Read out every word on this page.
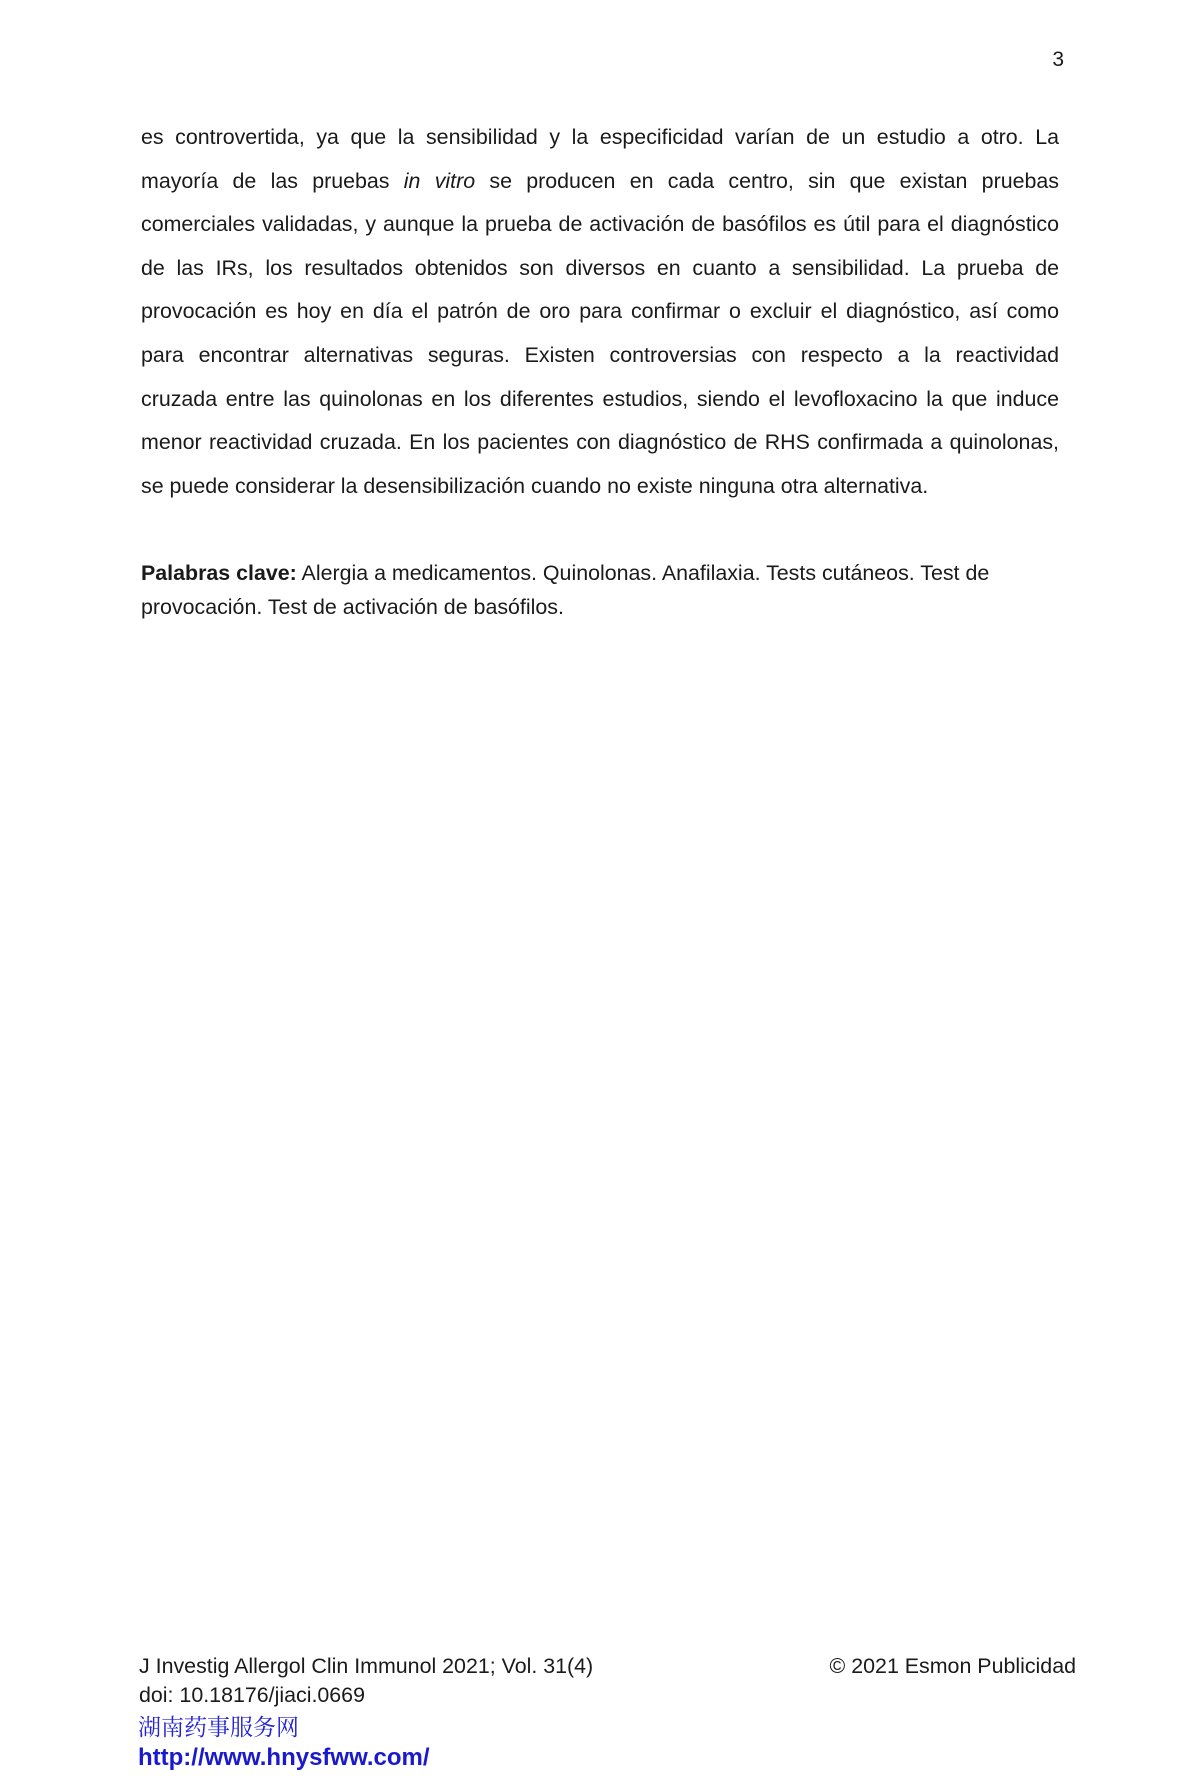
3

es controvertida, ya que la sensibilidad y la especificidad varían de un estudio a otro. La
mayoría de las pruebas in vitro se producen en cada centro, sin que existan pruebas
comerciales validadas, y aunque la prueba de activación de basófilos es útil para el diagnóstico
de las IRs, los resultados obtenidos son diversos en cuanto a sensibilidad. La prueba de
provocación es hoy en día el patrón de oro para confirmar o excluir el diagnóstico, así como
para encontrar alternativas seguras. Existen controversias con respecto a la reactividad
cruzada entre las quinolonas en los diferentes estudios, siendo el levofloxacino la que induce
menor reactividad cruzada. En los pacientes con diagnóstico de RHS confirmada a quinolonas,
se puede considerar la desensibilización cuando no existe ninguna otra alternativa.

Palabras clave: Alergia a medicamentos. Quinolonas. Anafilaxia. Tests cutáneos. Test de provocación. Test de activación de basófilos.

J Investig Allergol Clin Immunol 2021; Vol. 31(4)
doi: 10.18176/jiaci.0669
© 2021 Esmon Publicidad
湖南药事服务网
http://www.hnysfww.com/
